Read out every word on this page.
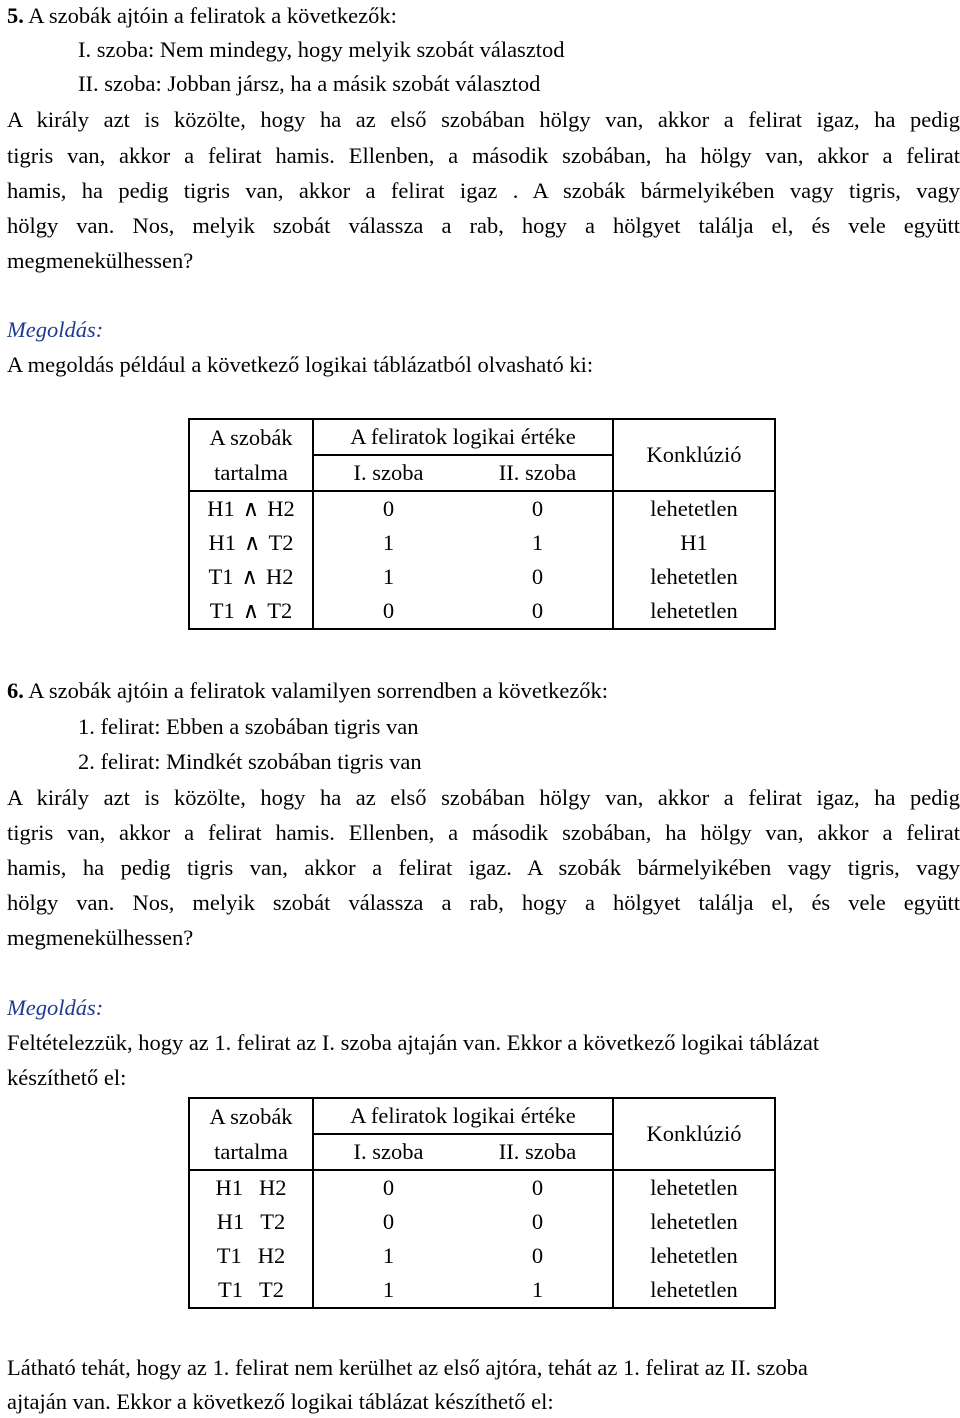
5. A szobák ajtóin a feliratok a következők:
I. szoba: Nem mindegy, hogy melyik szobát választod
II. szoba: Jobban jársz, ha a másik szobát választod
A király azt is közölte, hogy ha az első szobában hölgy van, akkor a felirat igaz, ha pedig
tigris van, akkor a felirat hamis. Ellenben, a második szobában, ha hölgy van, akkor a felirat
hamis, ha pedig tigris van, akkor a felirat igaz . A szobák bármelyikében vagy tigris, vagy
hölgy van. Nos, melyik szobát válassza a rab, hogy a hölgyet találja el, és vele együtt
megmenekülhessen?
Megoldás:
A megoldás például a következő logikai táblázatból olvasható ki:
A szobák	A feliratok logikai értéke		Konklúzió
tartalma	I. szoba	II. szoba	
H1 ∧ H2	0	0	lehetetlen
H1 ∧ T2	1	1	H1
T1 ∧ H2	1	0	lehetetlen
T1 ∧ T2	0	0	lehetetlen
6. A szobák ajtóin a feliratok valamilyen sorrendben a következők:
1. felirat: Ebben a szobában tigris van
2. felirat: Mindkét szobában tigris van
A király azt is közölte, hogy ha az első szobában hölgy van, akkor a felirat igaz, ha pedig
tigris van, akkor a felirat hamis. Ellenben, a második szobában, ha hölgy van, akkor a felirat
hamis, ha pedig tigris van, akkor a felirat igaz. A szobák bármelyikében vagy tigris, vagy
hölgy van. Nos, melyik szobát válassza a rab, hogy a hölgyet találja el, és vele együtt
megmenekülhessen?
Megoldás:
Feltételezzük, hogy az 1. felirat az I. szoba ajtaján van. Ekkor a következő logikai táblázat
készíthető el:
A szobák	A feliratok logikai értéke		Konklúzió
tartalma	I. szoba	II. szoba	
H1 H2	0	0	lehetetlen
H1 T2	0	0	lehetetlen
T1 H2	1	0	lehetetlen
T1 T2	1	1	lehetetlen
Látható tehát, hogy az 1. felirat nem kerülhet az első ajtóra, tehát az 1. felirat az II. szoba
ajtaján van. Ekkor a következő logikai táblázat készíthető el:
